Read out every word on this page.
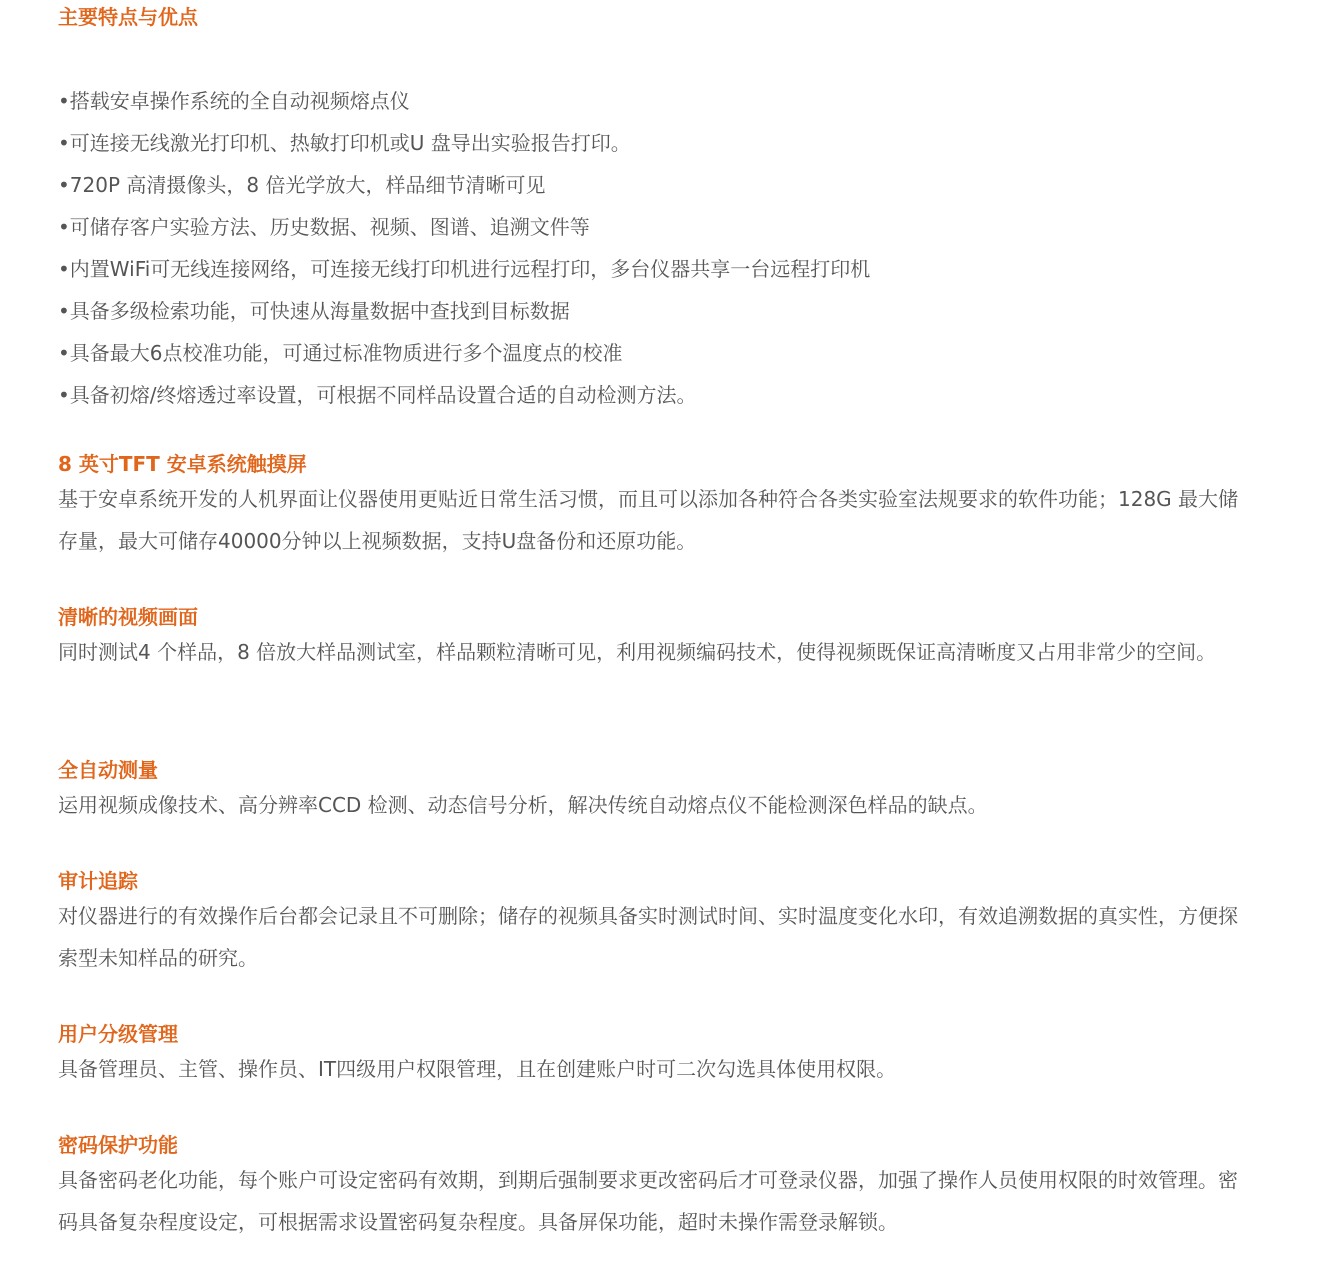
主要特点与优点
•搭载安卓操作系统的全自动视频熔点仪
•可连接无线激光打印机、热敏打印机或U 盘导出实验报告打印。
•720P 高清摄像头，8 倍光学放大，样品细节清晰可见
•可储存客户实验方法、历史数据、视频、图谱、追溯文件等
•内置WiFi可无线连接网络，可连接无线打印机进行远程打印，多台仪器共享一台远程打印机
•具备多级检索功能，可快速从海量数据中查找到目标数据
•具备最大6点校准功能，可通过标准物质进行多个温度点的校准
•具备初熔/终熔透过率设置，可根据不同样品设置合适的自动检测方法。
8 英寸TFT 安卓系统触摸屏

基于安卓系统开发的人机界面让仪器使用更贴近日常生活习惯，而且可以添加各种符合各类实验室法规要求的软件功能；128G 最大储存量，最大可储存40000分钟以上视频数据，支持U盘备份和还原功能。

清晰的视频画面

同时测试4 个样品，8 倍放大样品测试室，样品颗粒清晰可见，利用视频编码技术，使得视频既保证高清晰度又占用非常少的空间。

全自动测量

运用视频成像技术、高分辨率CCD 检测、动态信号分析，解决传统自动熔点仪不能检测深色样品的缺点。

审计追踪

对仪器进行的有效操作后台都会记录且不可删除；储存的视频具备实时测试时间、实时温度变化水印，有效追溯数据的真实性，方便探索型未知样品的研究。

用户分级管理

具备管理员、主管、操作员、IT四级用户权限管理，且在创建账户时可二次勾选具体使用权限。

密码保护功能

具备密码老化功能，每个账户可设定密码有效期，到期后强制要求更改密码后才可登录仪器，加强了操作人员使用权限的时效管理。密码具备复杂程度设定，可根据需求设置密码复杂程度。具备屏保功能，超时未操作需登录解锁。
